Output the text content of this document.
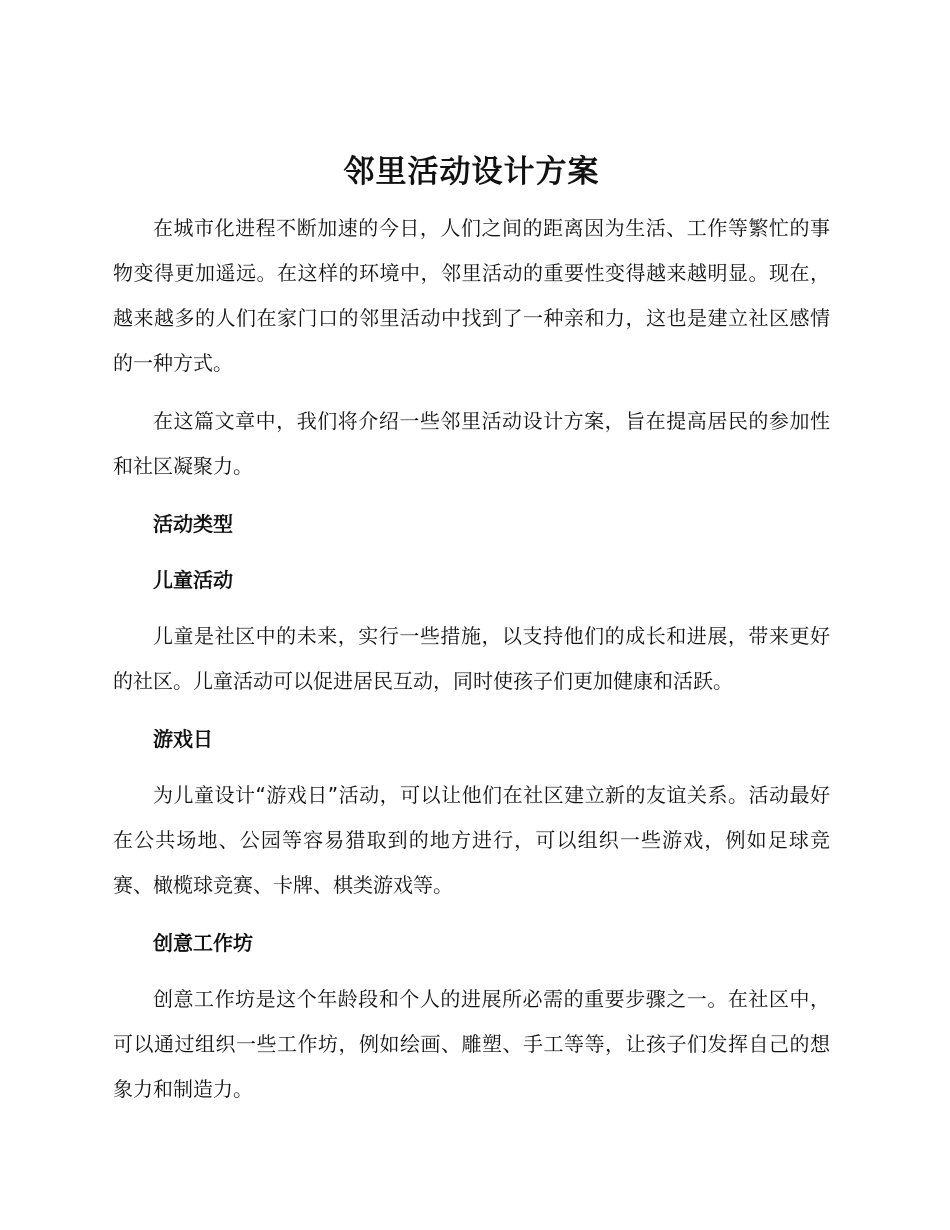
邻里活动设计方案

在城市化进程不断加速的今日，人们之间的距离因为生活、工作等繁忙的事物变得更加遥远。在这样的环境中，邻里活动的重要性变得越来越明显。现在，越来越多的人们在家门口的邻里活动中找到了一种亲和力，这也是建立社区感情的一种方式。

在这篇文章中，我们将介绍一些邻里活动设计方案，旨在提高居民的参加性和社区凝聚力。

活动类型
儿童活动

儿童是社区中的未来，实行一些措施，以支持他们的成长和进展，带来更好的社区。儿童活动可以促进居民互动，同时使孩子们更加健康和活跃。

游戏日

为儿童设计“游戏日”活动，可以让他们在社区建立新的友谊关系。活动最好在公共场地、公园等容易猎取到的地方进行，可以组织一些游戏，例如足球竞赛、橄榄球竞赛、卡牌、棋类游戏等。

创意工作坊

创意工作坊是这个年龄段和个人的进展所必需的重要步骤之一。在社区中，可以通过组织一些工作坊，例如绘画、雕塑、手工等等，让孩子们发挥自己的想象力和制造力。
